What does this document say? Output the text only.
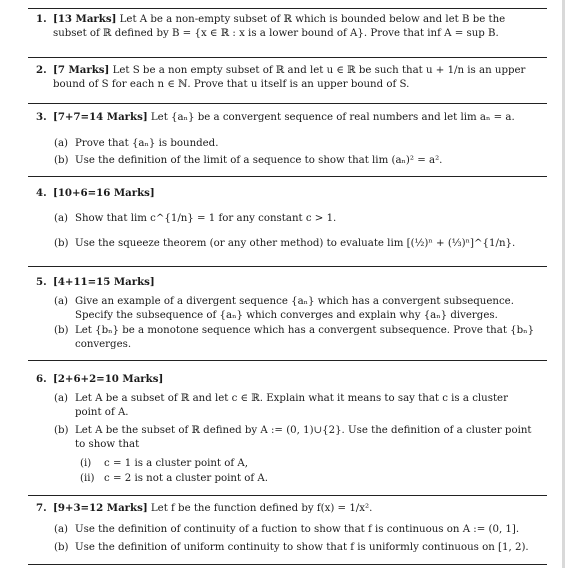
1. [13 Marks] Let A be a non-empty subset of ℝ which is bounded below and let B be the subset of ℝ defined by B = {x ∈ ℝ : x is a lower bound of A}. Prove that inf A = sup B.
2. [7 Marks] Let S be a non empty subset of ℝ and let u ∈ ℝ be such that u + 1/n is an upper bound of S for each n ∈ ℕ. Prove that u itself is an upper bound of S.
3. [7+7=14 Marks] Let {aₙ} be a convergent sequence of real numbers and let lim aₙ = a.
(a) Prove that {aₙ} is bounded.
(b) Use the definition of the limit of a sequence to show that lim (aₙ)² = a².
4. [10+6=16 Marks]
(a) Show that lim c^{1/n} = 1 for any constant c > 1.
(b) Use the squeeze theorem (or any other method) to evaluate lim [(½)ⁿ + (⅓)ⁿ]^{1/n}.
5. [4+11=15 Marks]
(a) Give an example of a divergent sequence {aₙ} which has a convergent subsequence. Specify the subsequence of {aₙ} which converges and explain why {aₙ} diverges.
(b) Let {bₙ} be a monotone sequence which has a convergent subsequence. Prove that {bₙ} converges.
6. [2+6+2=10 Marks]
(a) Let A be a subset of ℝ and let c ∈ ℝ. Explain what it means to say that c is a cluster point of A.
(b) Let A be the subset of ℝ defined by A := (0, 1)∪{2}. Use the definition of a cluster point to show that
(i)	c = 1 is a cluster point of A,
(ii) c = 2 is not a cluster point of A.
7. [9+3=12 Marks] Let f be the function defined by f(x) = 1/x².
(a) Use the definition of continuity of a fuction to show that f is continuous on A := (0, 1].
(b) Use the definition of uniform continuity to show that f is uniformly continuous on [1, 2).
